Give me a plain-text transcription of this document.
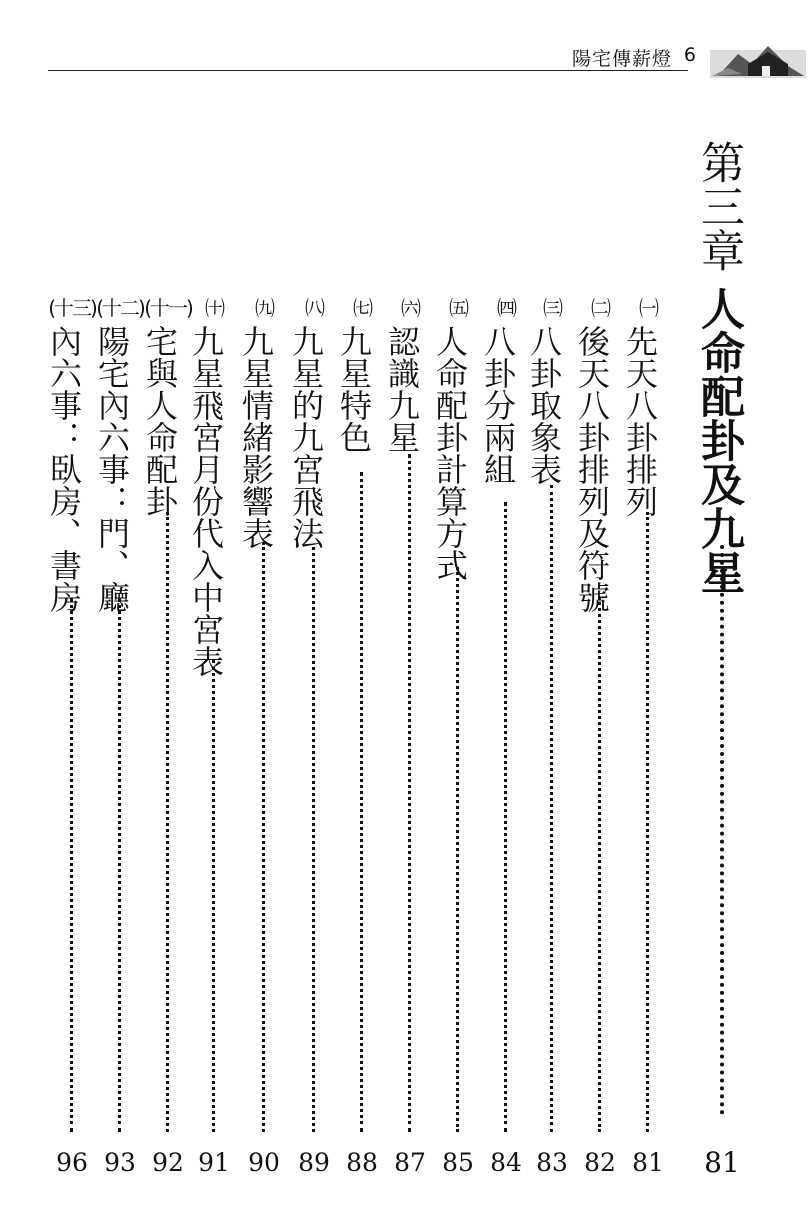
陽宅傳薪燈 6
第三章
人命配卦及九星
81
㈠
先天八卦排列
81
㈡
後天八卦排列及符號
82
㈢
八卦取象表
83
㈣
八卦分兩組
84
㈤
人命配卦計算方式
85
㈥
認識九星
87
㈦
九星特色
88
㈧
九星的九宮飛法
89
㈨
九星情緒影響表
90
㈩
九星飛宮月份代入中宮表
91
(十一)
宅與人命配卦
92
(十二)
陽宅內六事：門、廳
93
(十三)
內六事：臥房、書房
96
